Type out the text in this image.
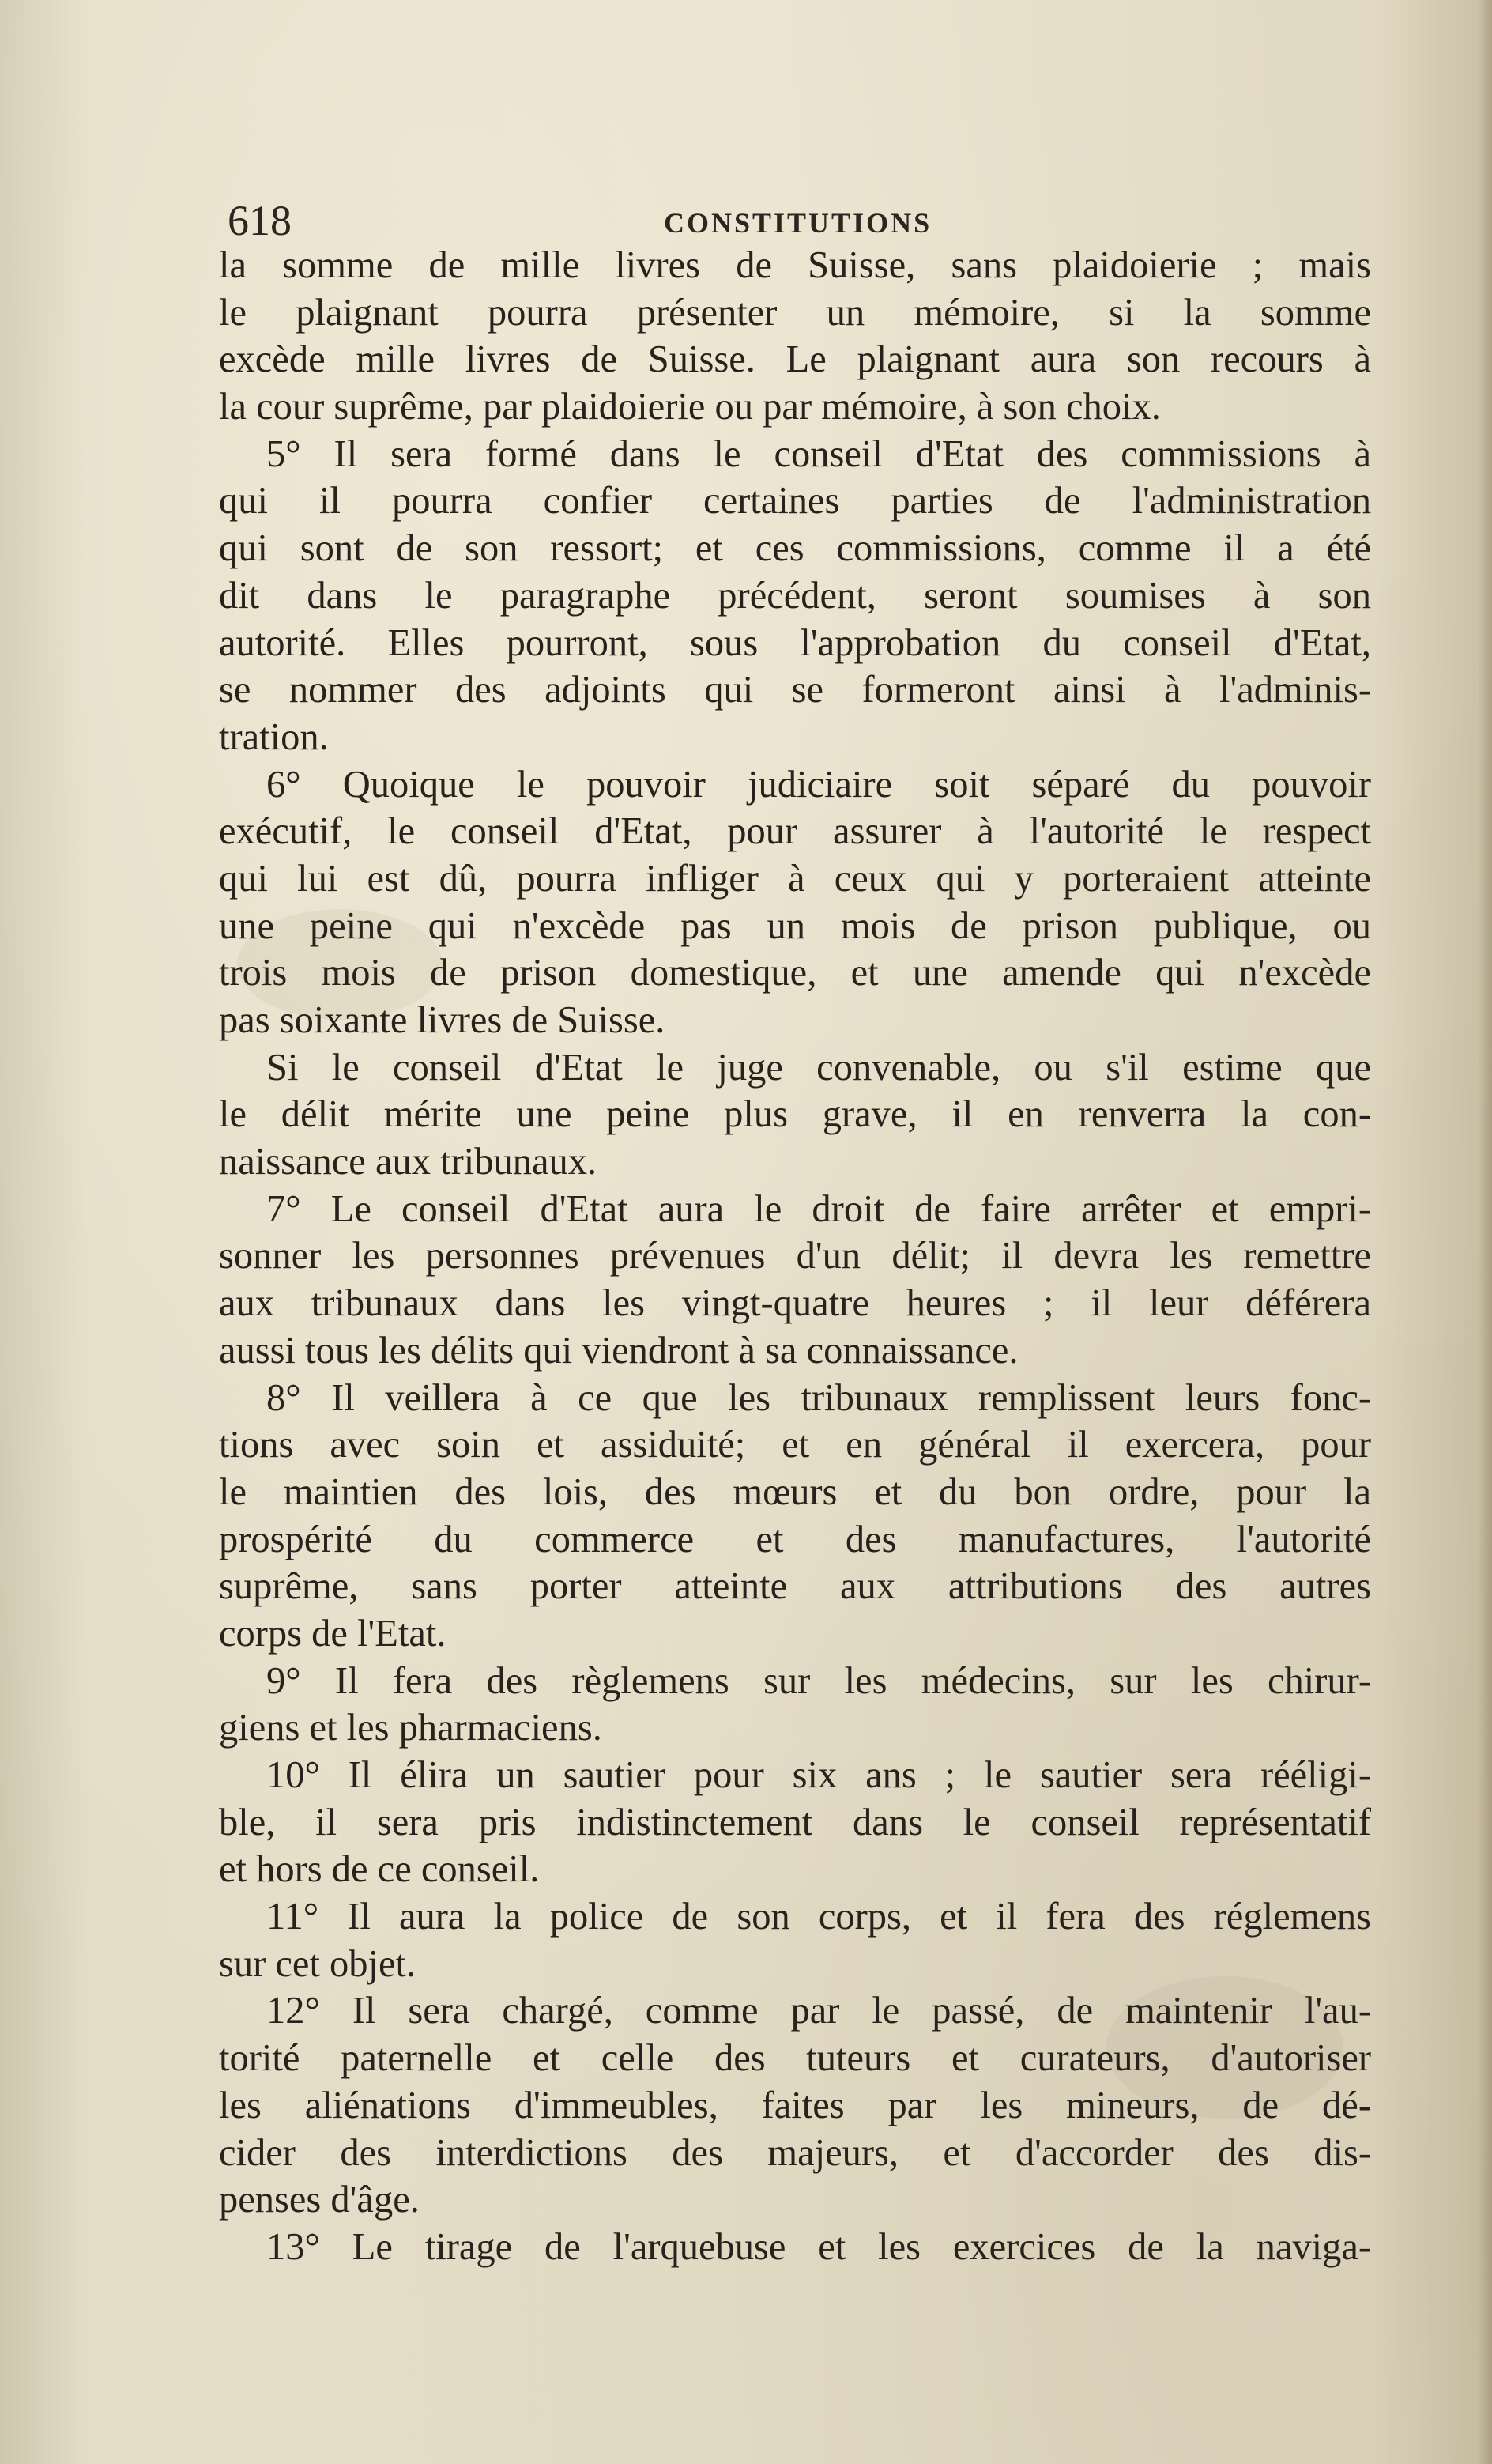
618	CONSTITUTIONS
la somme de mille livres de Suisse, sans plaidoierie ; mais
le plaignant pourra présenter un mémoire, si la somme
excède mille livres de Suisse. Le plaignant aura son recours à
la cour suprême, par plaidoierie ou par mémoire, à son choix.
5° Il sera formé dans le conseil d'Etat des commissions à
qui il pourra confier certaines parties de l'administration
qui sont de son ressort; et ces commissions, comme il a été
dit dans le paragraphe précédent, seront soumises à son
autorité. Elles pourront, sous l'approbation du conseil d'Etat,
se nommer des adjoints qui se formeront ainsi à l'adminis-
tration.
6° Quoique le pouvoir judiciaire soit séparé du pouvoir
exécutif, le conseil d'Etat, pour assurer à l'autorité le respect
qui lui est dû, pourra infliger à ceux qui y porteraient atteinte
une peine qui n'excède pas un mois de prison publique, ou
trois mois de prison domestique, et une amende qui n'excède
pas soixante livres de Suisse.
Si le conseil d'Etat le juge convenable, ou s'il estime que
le délit mérite une peine plus grave, il en renverra la con-
naissance aux tribunaux.
7° Le conseil d'Etat aura le droit de faire arrêter et empri-
sonner les personnes prévenues d'un délit; il devra les remettre
aux tribunaux dans les vingt-quatre heures ; il leur déférera
aussi tous les délits qui viendront à sa connaissance.
8° Il veillera à ce que les tribunaux remplissent leurs fonc-
tions avec soin et assiduité; et en général il exercera, pour
le maintien des lois, des mœurs et du bon ordre, pour la
prospérité du commerce et des manufactures, l'autorité
suprême, sans porter atteinte aux attributions des autres
corps de l'Etat.
9° Il fera des règlemens sur les médecins, sur les chirur-
giens et les pharmaciens.
10° Il élira un sautier pour six ans ; le sautier sera rééligi-
ble, il sera pris indistinctement dans le conseil représentatif
et hors de ce conseil.
11° Il aura la police de son corps, et il fera des réglemens
sur cet objet.
12° Il sera chargé, comme par le passé, de maintenir l'au-
torité paternelle et celle des tuteurs et curateurs, d'autoriser
les aliénations d'immeubles, faites par les mineurs, de dé-
cider des interdictions des majeurs, et d'accorder des dis-
penses d'âge.
13° Le tirage de l'arquebuse et les exercices de la naviga-
